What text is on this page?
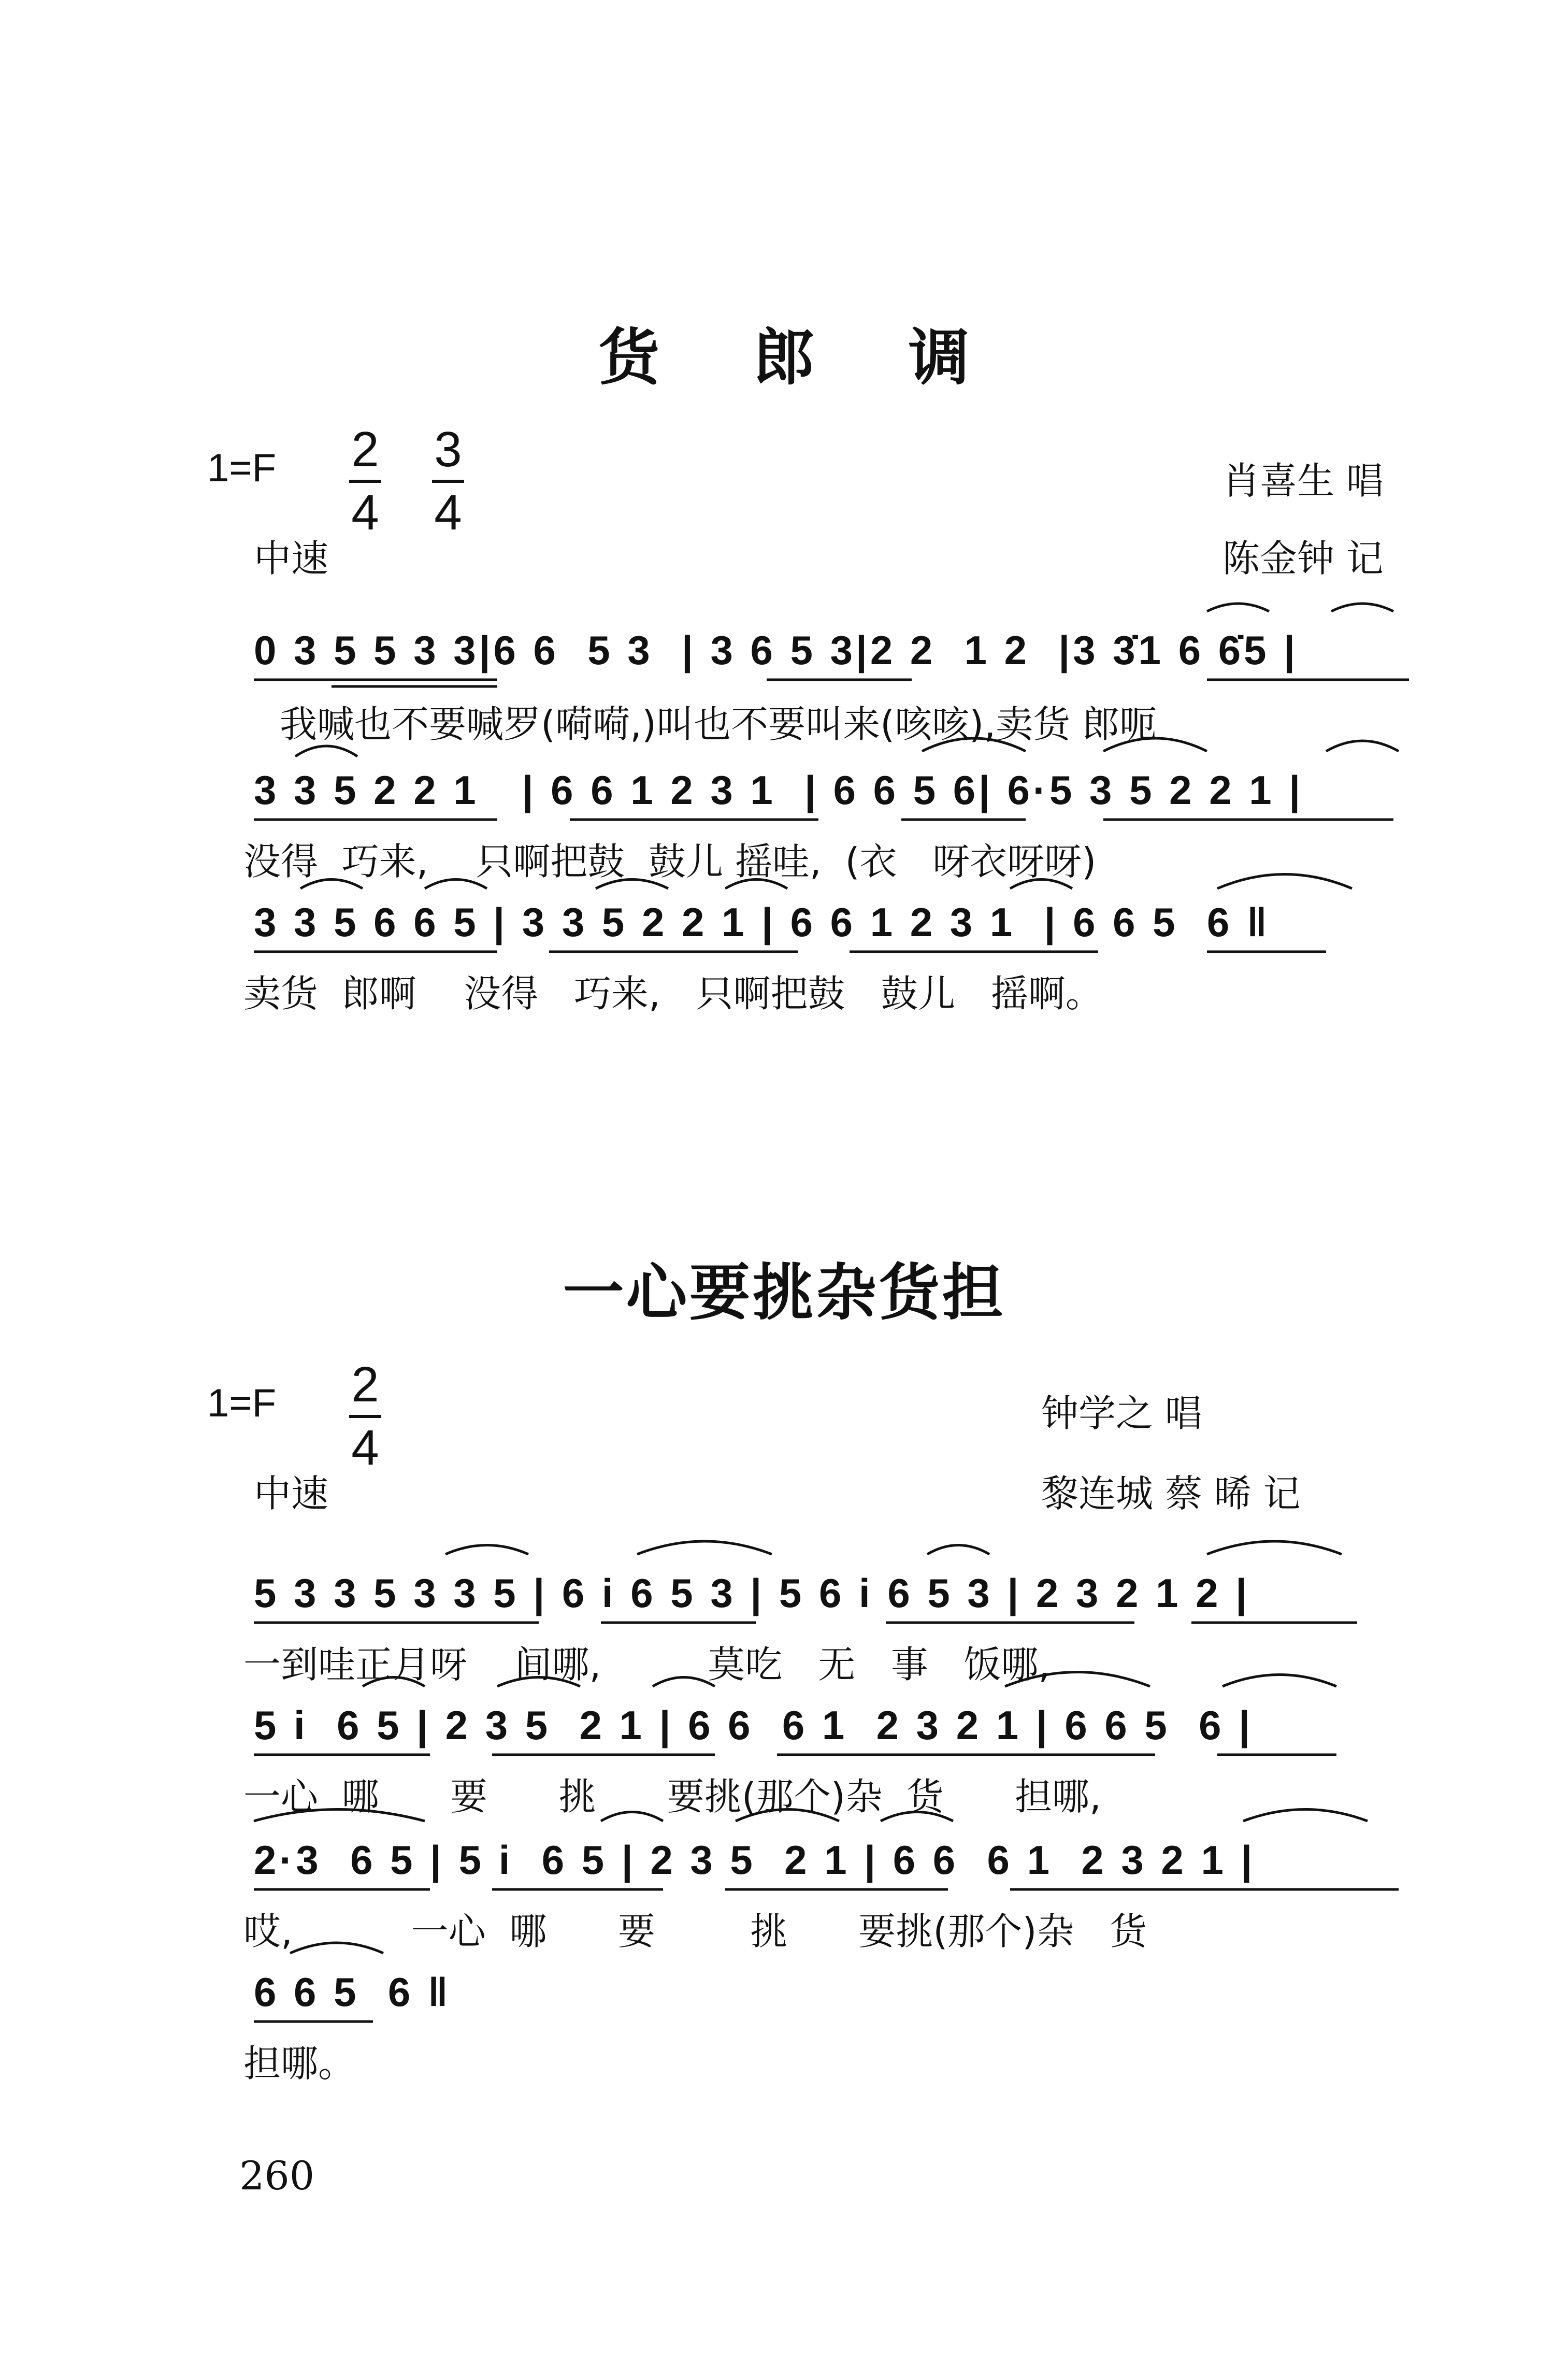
货 郎 调
1=F 2
4
3
4
肖喜生 唱
中速	陈金钟 记
0 3 5 5 3 3|6 6  5 3  | 3 6 5 3|2 2  1 2  |3 3̇1 6 6̇5 |
我喊也不要喊罗(嗬嗬,)叫也不要叫来(咳咳),卖货 郎呃
3 3 5 2 2 1   | 6 6 1 2 3 1  | 6 6 5 6| 6·5 3 5 2 2 1 |
没得  巧来,    只啊把鼓  鼓儿 摇哇,  (衣   呀衣呀呀)
3 3 5 6 6 5 | 3 3 5 2 2 1 | 6 6 1 2 3 1  | 6 6 5  6 ‖
卖货  郎啊    没得   巧来,   只啊把鼓   鼓儿   摇啊。
一心要挑杂货担
1=F 2
4
钟学之 唱
中速	黎连城 蔡 晞 记
5 3 3 5 3 3 5 | 6 i 6 5 3 | 5 6 i 6 5 3 | 2 3 2 1 2 |
一到哇正月呀    间哪,         莫吃   无   事   饭哪,
5 i  6 5 | 2 3 5  2 1 | 6 6  6 1  2 3 2 1 | 6 6 5  6 |
一心  哪      要      挑      要挑(那个)杂  货      担哪,
2·3  6 5 | 5 i  6 5 | 2 3 5  2 1 | 6 6  6 1  2 3 2 1 |
哎,          一心  哪      要        挑      要挑(那个)杂   货
6 6 5  6 ‖
担哪。
260
